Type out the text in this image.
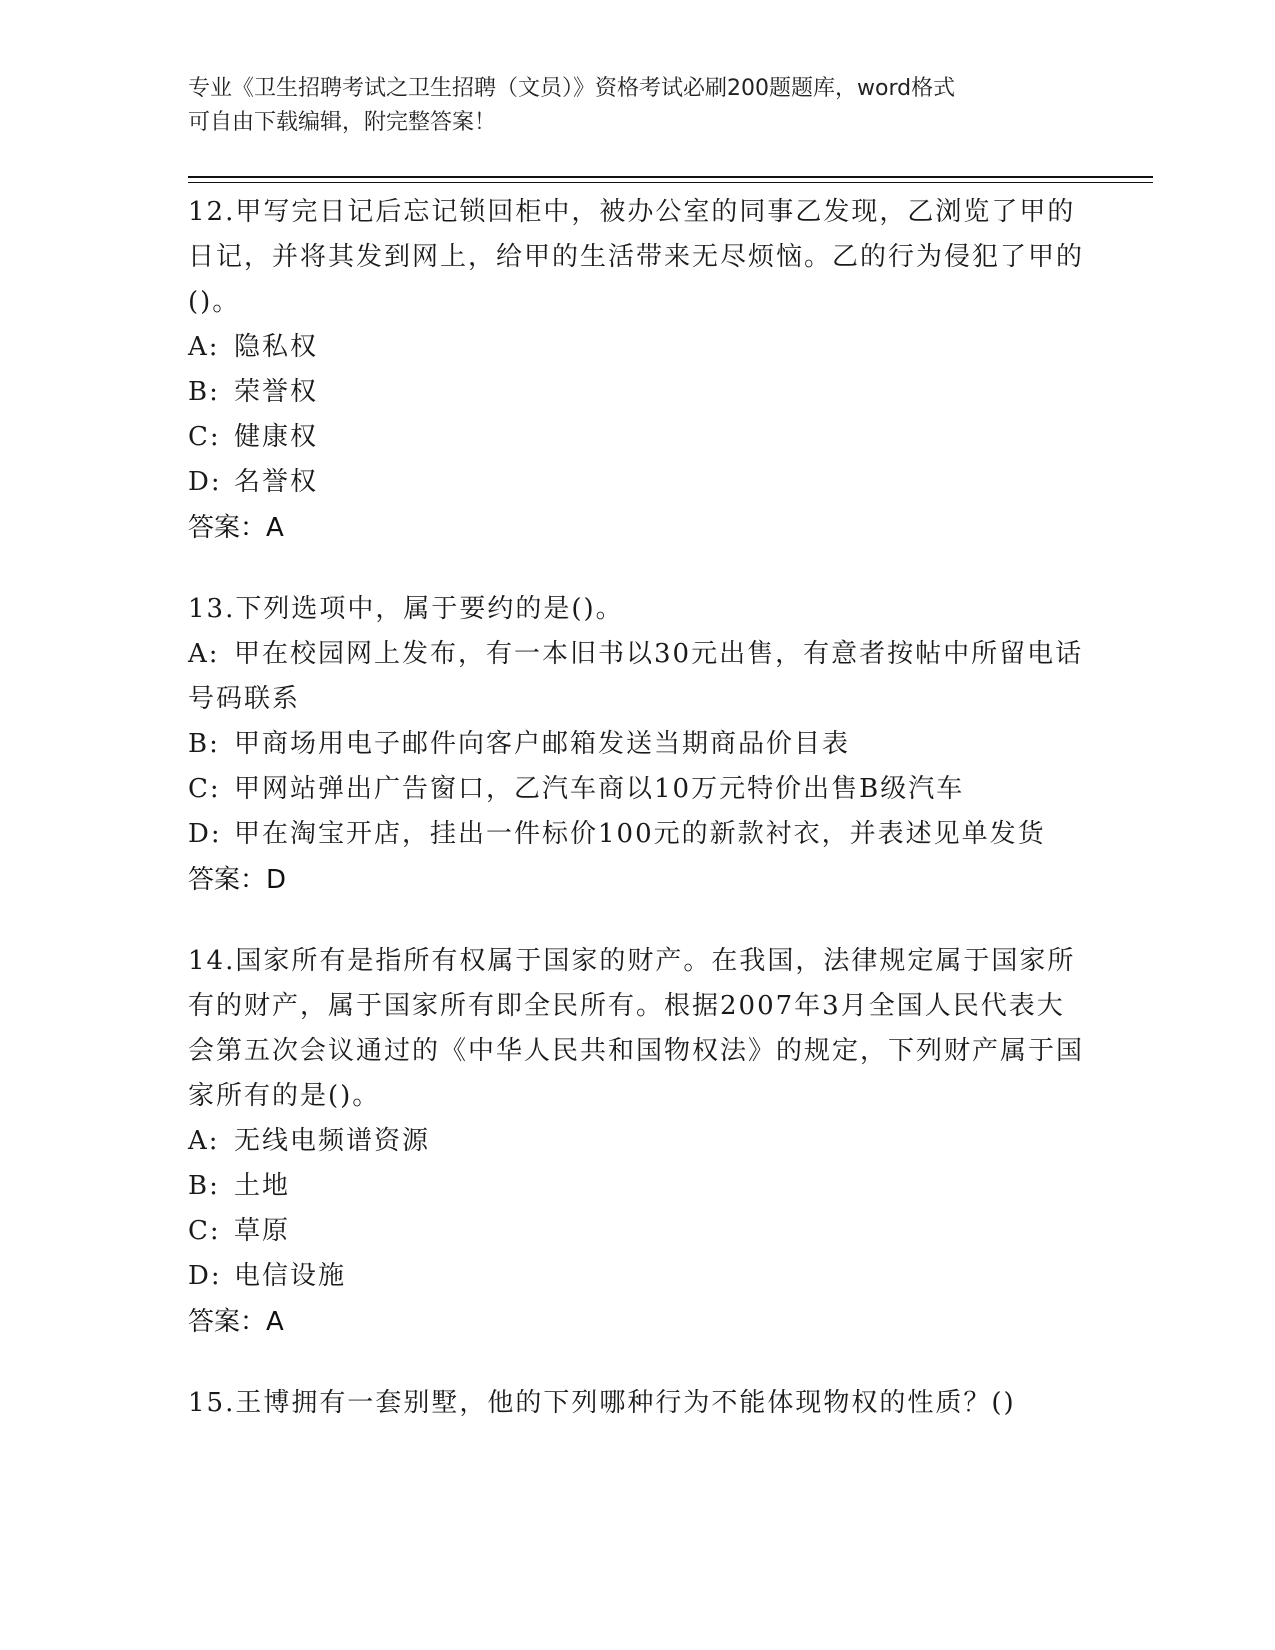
专业《卫生招聘考试之卫生招聘（文员）》资格考试必刷200题题库，word格式
可自由下载编辑，附完整答案！

12.甲写完日记后忘记锁回柜中，被办公室的同事乙发现，乙浏览了甲的日记，并将其发到网上，给甲的生活带来无尽烦恼。乙的行为侵犯了甲的()。

A: 隐私权

B: 荣誉权

C: 健康权

D: 名誉权

答案：A

13.下列选项中，属于要约的是()。

A: 甲在校园网上发布，有一本旧书以30元出售，有意者按帖中所留电话号码联系

B: 甲商场用电子邮件向客户邮箱发送当期商品价目表

C: 甲网站弹出广告窗口，乙汽车商以10万元特价出售B级汽车

D: 甲在淘宝开店，挂出一件标价100元的新款衬衣，并表述见单发货

答案：D

14.国家所有是指所有权属于国家的财产。在我国，法律规定属于国家所有的财产，属于国家所有即全民所有。根据2007年3月全国人民代表大会第五次会议通过的《中华人民共和国物权法》的规定，下列财产属于国家所有的是()。

A: 无线电频谱资源

B: 土地

C: 草原

D: 电信设施

答案：A

15.王博拥有一套别墅，他的下列哪种行为不能体现物权的性质？()
